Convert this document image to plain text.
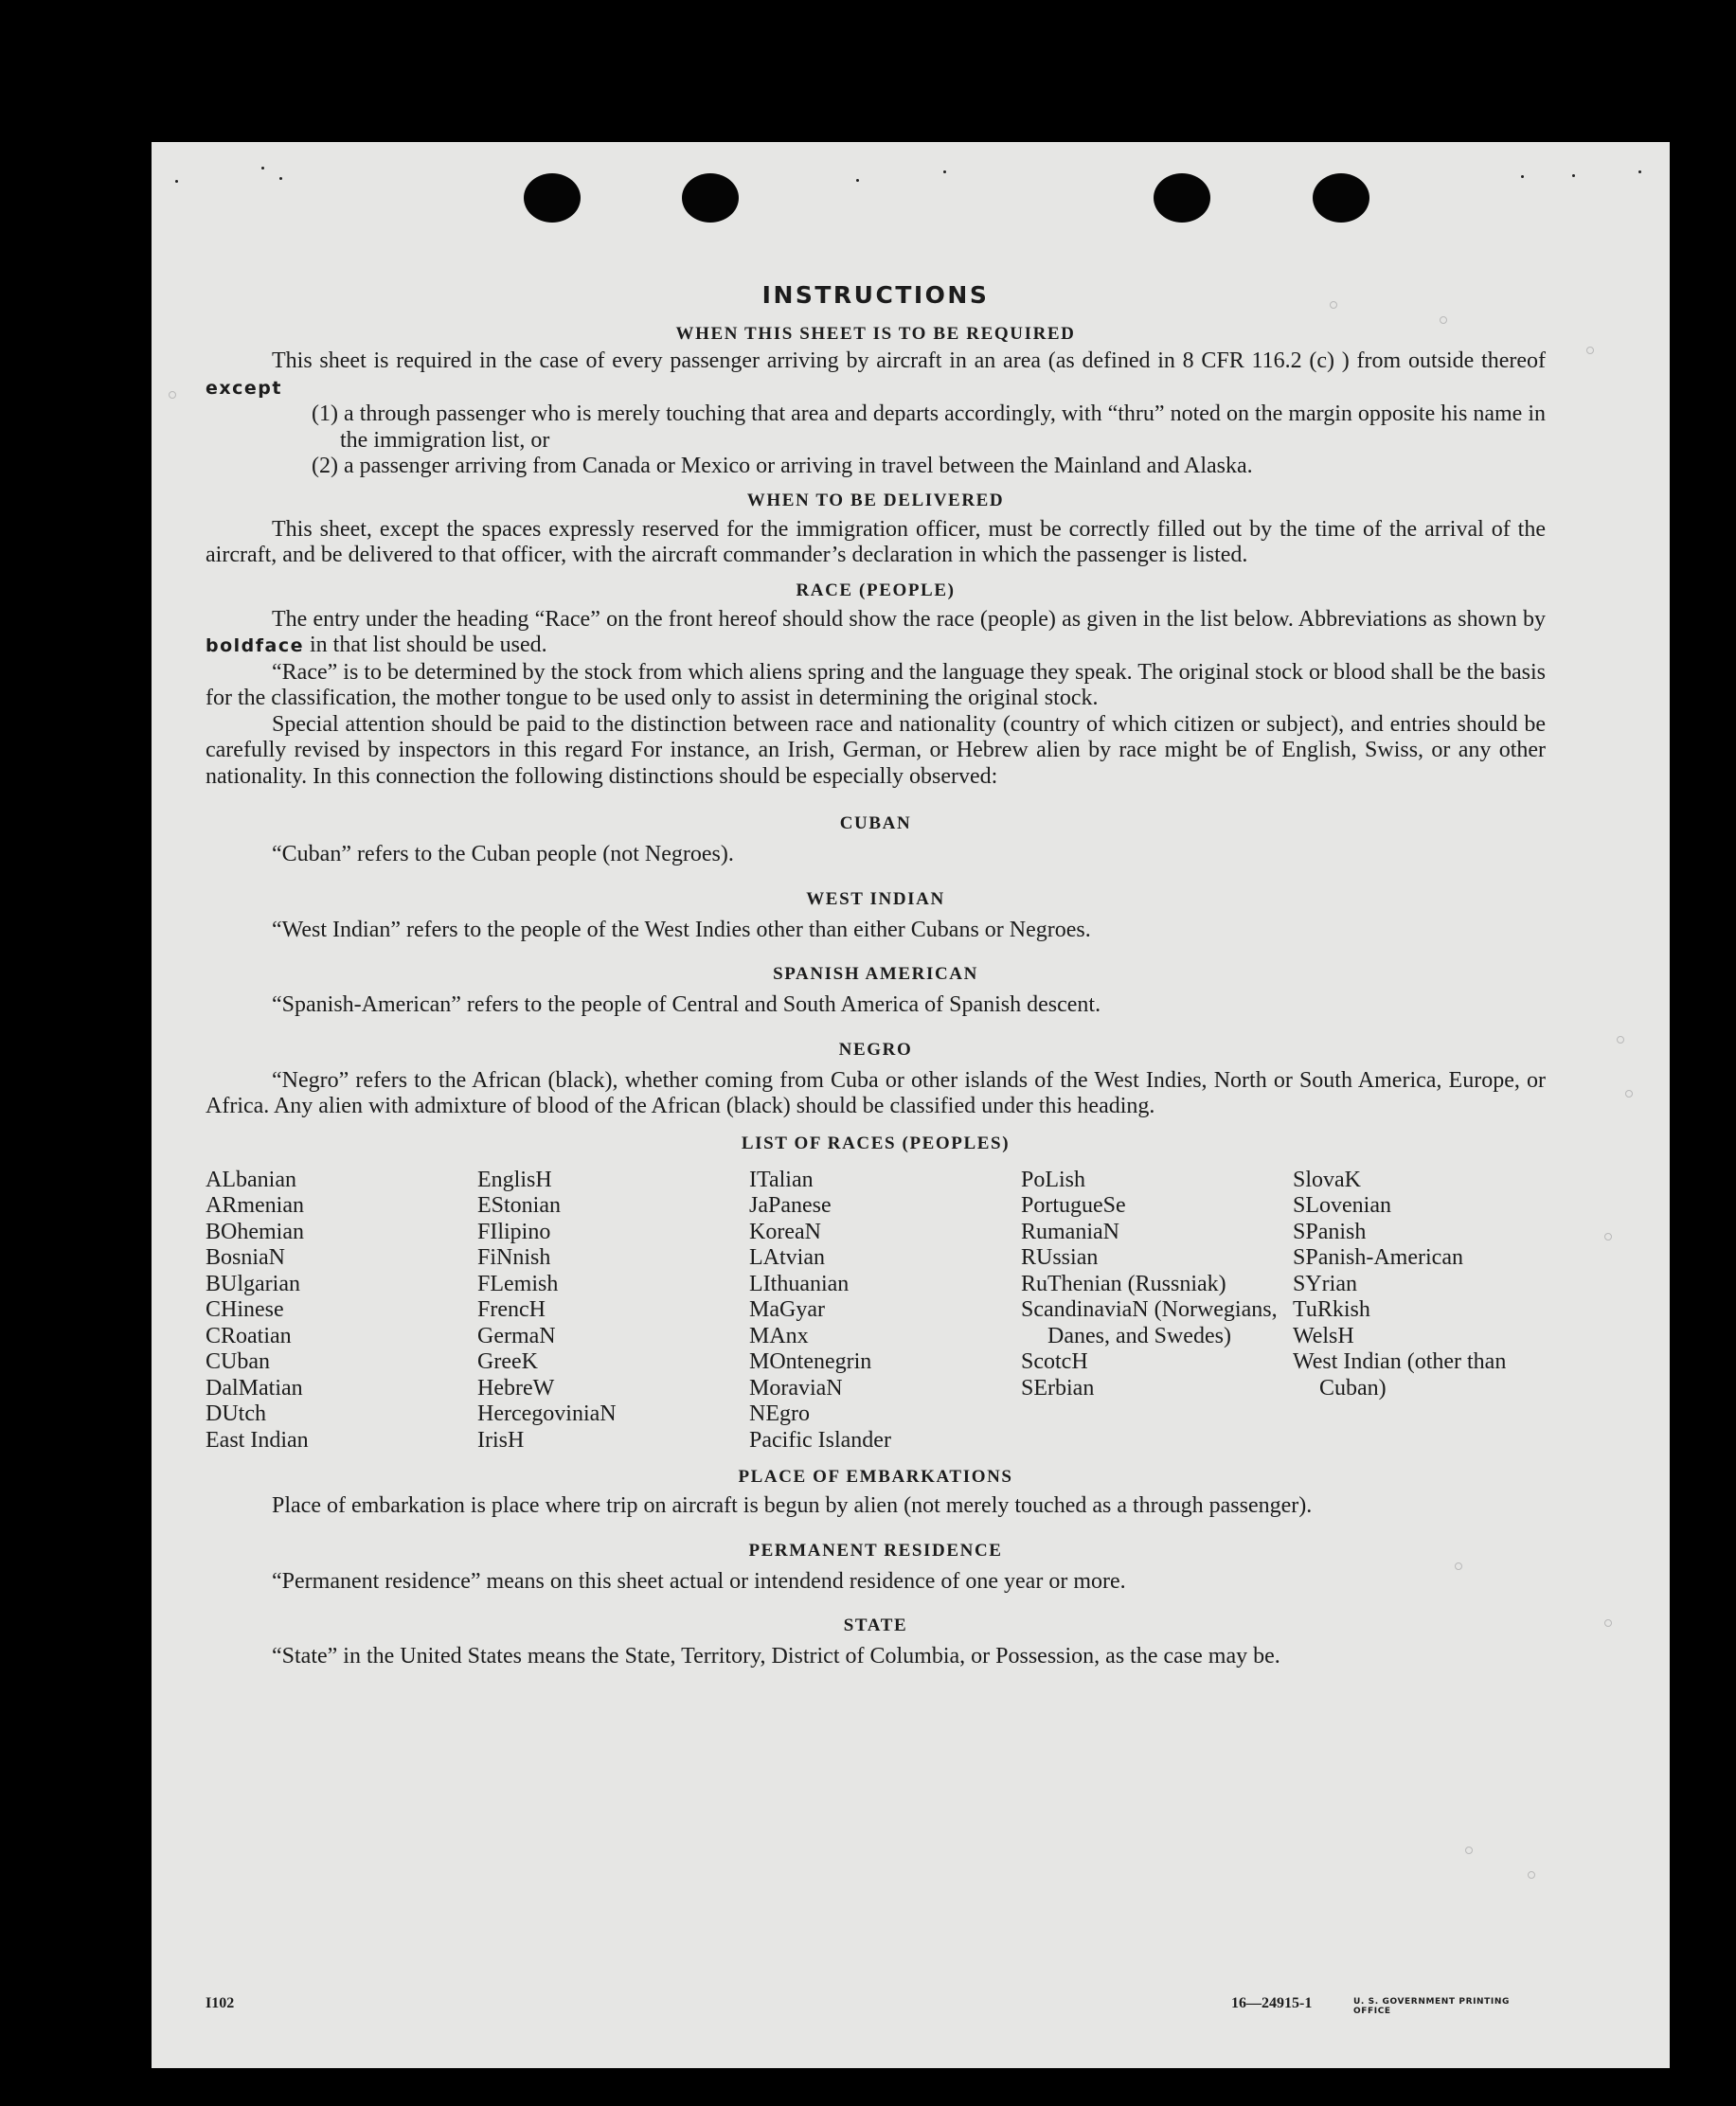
INSTRUCTIONS
WHEN THIS SHEET IS TO BE REQUIRED

This sheet is required in the case of every passenger arriving by aircraft in an area (as defined in 8 CFR 116.2 (c) ) from outside thereof except

(1) a through passenger who is merely touching that area and departs accordingly, with “thru” noted on the margin opposite his name in the immigration list, or
(2) a passenger arriving from Canada or Mexico or arriving in travel between the Mainland and Alaska.
WHEN TO BE DELIVERED

This sheet, except the spaces expressly reserved for the immigration officer, must be correctly filled out by the time of the arrival of the aircraft, and be delivered to that officer, with the aircraft commander’s declaration in which the passenger is listed.

RACE (PEOPLE)

The entry under the heading “Race” on the front hereof should show the race (people) as given in the list below. Abbreviations as shown by boldface in that list should be used.

“Race” is to be determined by the stock from which aliens spring and the language they speak. The original stock or blood shall be the basis for the classification, the mother tongue to be used only to assist in determining the original stock.

Special attention should be paid to the distinction between race and nationality (country of which citizen or subject), and entries should be carefully revised by inspectors in this regard For instance, an Irish, German, or Hebrew alien by race might be of English, Swiss, or any other nationality. In this connection the following distinctions should be especially observed:

CUBAN

“Cuban” refers to the Cuban people (not Negroes).

WEST INDIAN

“West Indian” refers to the people of the West Indies other than either Cubans or Negroes.

SPANISH AMERICAN

“Spanish-American” refers to the people of Central and South America of Spanish descent.

NEGRO

“Negro” refers to the African (black), whether coming from Cuba or other islands of the West Indies, North or South America, Europe, or Africa. Any alien with admixture of blood of the African (black) should be classified under this heading.

LIST OF RACES (PEOPLES)
ALbanian
ARmenian
BOhemian
BosniaN
BUlgarian
CHinese
CRoatian
CUban
DalMatian
DUtch
East Indian
EnglisH
EStonian
FIlipino
FiNnish
FLemish
FrencH
GermaN
GreeK
HebreW
HercegoviniaN
IrisH
ITalian
JaPanese
KoreaN
LAtvian
LIthuanian
MaGyar
MAnx
MOntenegrin
MoraviaN
NEgro
Pacific Islander
PoLish
PortugueSe
RumaniaN
RUssian
RuThenian (Russniak)
ScandinaviaN (Norwegians, Danes, and Swedes)
ScotcH
SErbian
SlovaK
SLovenian
SPanish
SPanish-American
SYrian
TuRkish
WelsH
West Indian (other than Cuban)
PLACE OF EMBARKATIONS

Place of embarkation is place where trip on aircraft is begun by alien (not merely touched as a through passenger).

PERMANENT RESIDENCE

“Permanent residence” means on this sheet actual or intendend residence of one year or more.

STATE

“State” in the United States means the State, Territory, District of Columbia, or Possession, as the case may be.

I102	16—24915-1	U. S. GOVERNMENT PRINTING OFFICE
